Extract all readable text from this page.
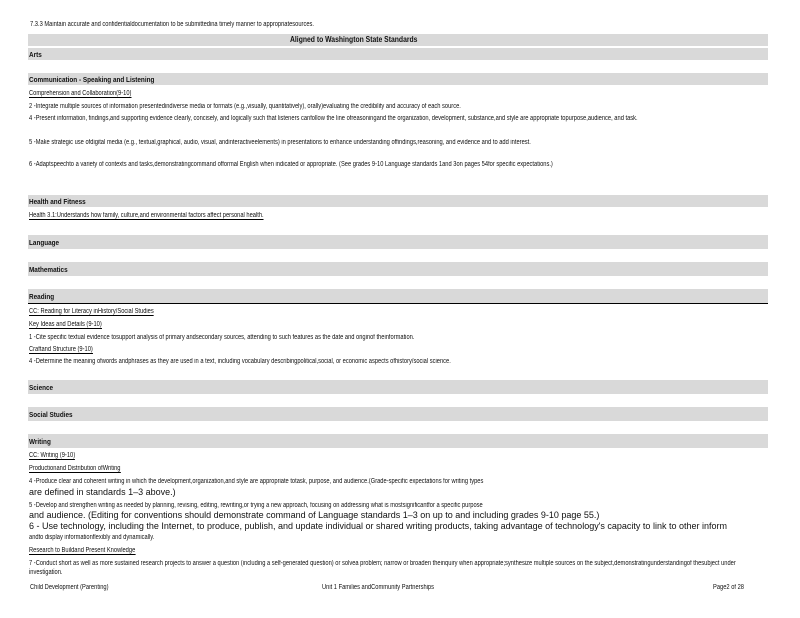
7.3.3 Maintain accurate and confidentialdocumentation to be submittedina timely manner to appropriatesources.
Aligned to Washington State Standards
Arts
Communication - Speaking and Listening
Comprehension and Collaboration(9-10)
2 -Integrate multiple sources of information presentedindiverse media or formats (e.g.,visually, quantitatively), orally)evaluating the credibility and accuracy of each source.
4 -Present information, findings,and supporting evidence clearly, concisely, and logically such that listeners canfollow the line ofreasoningand the organization, development, substance,and style are appropriate topurpose,audience, and task.
5 -Make strategic use ofdigital media (e.g., textual,graphical, audio, visual, andinteractiveelements) in presentations to enhance understanding offindings,reasoning, and evidence and to add interest.
6 -Adaptspeechto a variety of contexts and tasks,demonstratingcommand offormal English when indicated or appropriate. (See grades 9-10 Language standards 1and 3on pages 54for specific expectations.)
Health and Fitness
Health 3.1:Understands how family, culture,and environmental factors affect personal health.
Language
Mathematics
Reading
CC: Reading for Literacy inHistory/Social Studies
Key Ideas and Details (9-10)
1 -Cite specific textual evidence tosupport analysis of primary andsecondary sources, attending to such features as the date and originof theinformation.
Craftand Structure (9-10)
4 -Determine the meaning ofwords andphrases as they are used in a text, including vocabulary describingpolitical,social, or economic aspects ofhistory/social science.
Science
Social Studies
Writing
CC: Writing (9-10)
Productionand Distribution ofWriting
4 -Produce clear and coherent writing in which the development,organization,and style are appropriate totask, purpose, and audience.(Grade-specific expectations for writing types
are defined in standards 1–3 above.)
5 -Develop and strengthen writing as needed by planning, revising, editing, rewriting,or trying a new approach, focusing on addressing what is mostsignificantfor a specific purpose
and audience. (Editing for conventions should demonstrate command of Language standards 1–3 on up to and including grades 9-10 page 55.)
6 - Use technology, including the Internet, to produce, publish, and update individual or shared writing products, taking advantage of technology's capacity to link to other inform
andto display informationflexibly and dynamically.
Research to Buildand Present Knowledge
7 -Conduct short as well as more sustained research projects to answer a question (including a self-generated question) or solvea problem; narrow or broaden theinquiry when appropriate;synthesize multiple sources on the subject,demonstratingunderstandingof thesubject under investigation.
Child Development (Parenting)	Unit 1 Families andCommunity Partnerships	Page2 of 28
